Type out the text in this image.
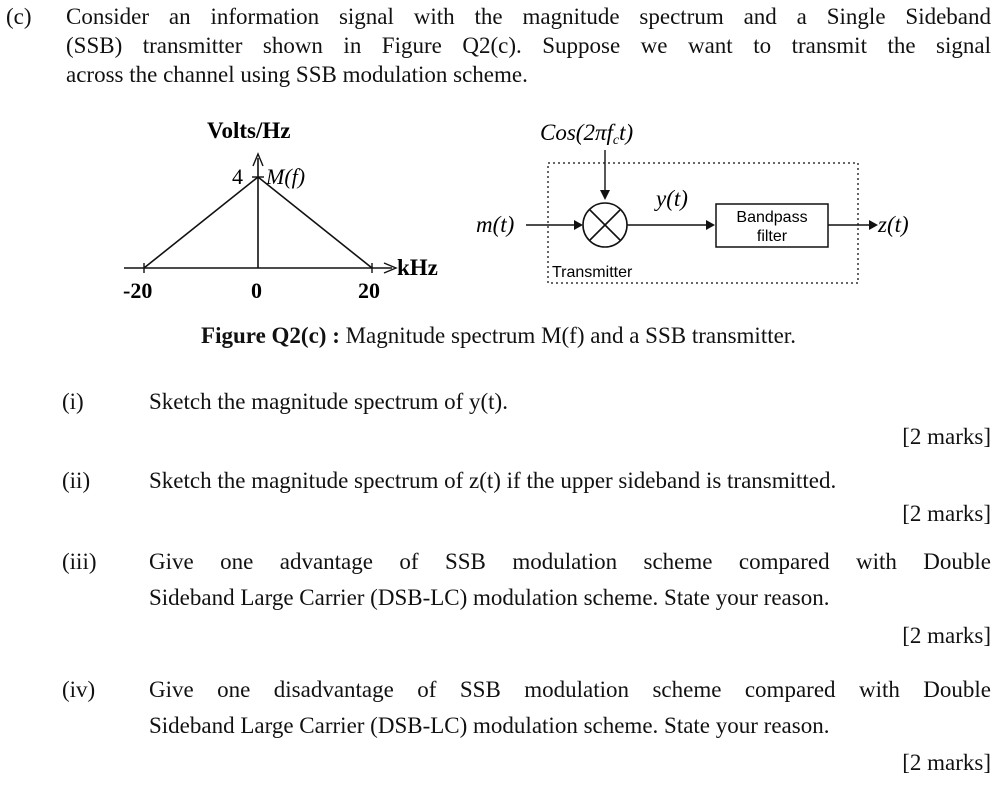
(c) Consider an information signal with the magnitude spectrum and a Single Sideband
(SSB) transmitter shown in Figure Q2(c). Suppose we want to transmit the signal
across the channel using SSB modulation scheme.
Volts/Hz
4 M(f)
kHz
-20	0	20
Cos(2πfct)
m(t)
y(t)
Bandpass
filter	z(t)
Transmitter
Figure Q2(c) : Magnitude spectrum M(f) and a SSB transmitter.
(i)	Sketch the magnitude spectrum of y(t).
[2 marks]
(ii)	Sketch the magnitude spectrum of z(t) if the upper sideband is transmitted.
[2 marks]
(iii) Give one advantage of SSB modulation scheme compared with Double
Sideband Large Carrier (DSB-LC) modulation scheme. State your reason.
[2 marks]
(iv) Give one disadvantage of SSB modulation scheme compared with Double
Sideband Large Carrier (DSB-LC) modulation scheme. State your reason.
[2 marks]
